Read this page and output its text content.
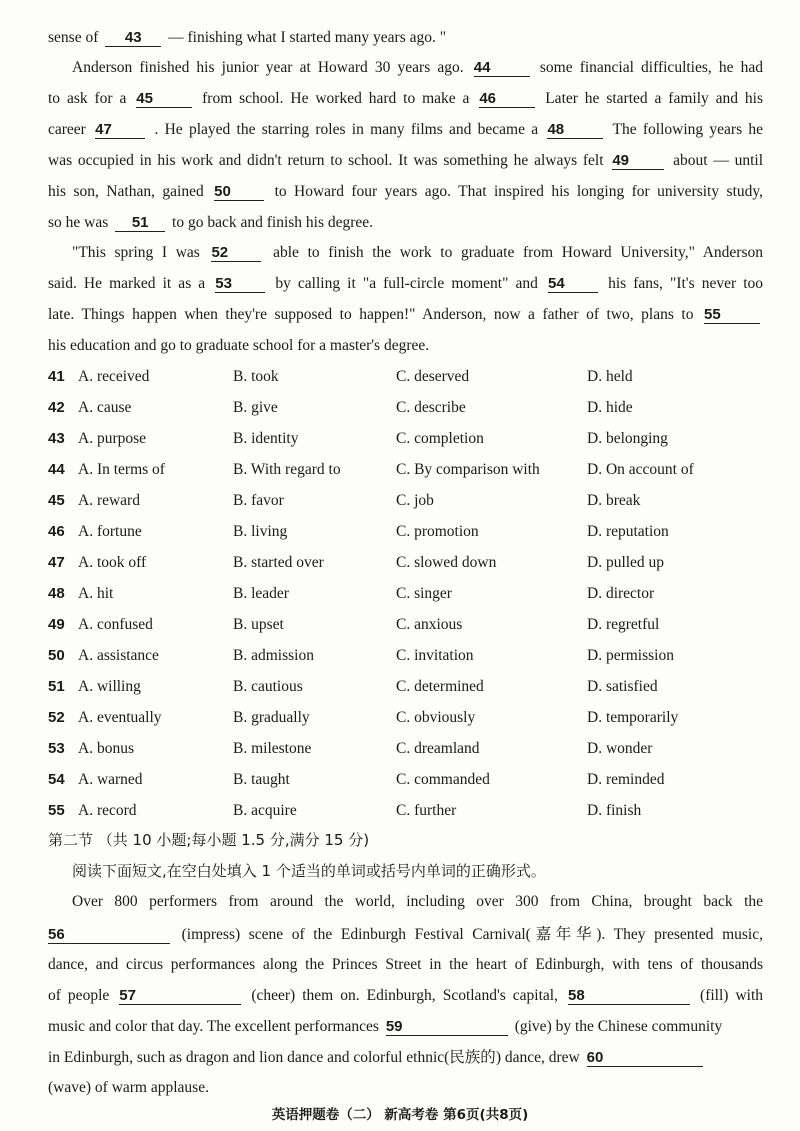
sense of 43 — finishing what I started many years ago. "
Anderson finished his junior year at Howard 30 years ago. 44	some financial difficulties, he had
to ask for a 45	from school. He worked hard to make a 46	Later he started a family and his
career 47	. He played the starring roles in many films and became a 48	The following years he
was occupied in his work and didn't return to school. It was something he always felt 49	about — until
his son, Nathan, gained 50	to Howard four years ago. That inspired his longing for university study,
so he was 51 to go back and finish his degree.
"This spring I was 52	able to finish the work to graduate from Howard University," Anderson
said. He marked it as a 53	by calling it "a full-circle moment" and 54	his fans, "It's never too
late. Things happen when they're supposed to happen!" Anderson, now a father of two, plans to 55
his education and go to graduate school for a master's degree.
41 A. received	B. took	C. deserved	D. held
42 A. cause	B. give	C. describe	D. hide
43 A. purpose	B. identity	C. completion	D. belonging
44 A. In terms of	B. With regard to	C. By comparison with	D. On account of
45 A. reward	B. favor	C. job	D. break
46 A. fortune	B. living	C. promotion	D. reputation
47 A. took off	B. started over	C. slowed down	D. pulled up
48 A. hit	B. leader	C. singer	D. director
49 A. confused	B. upset	C. anxious	D. regretful
50 A. assistance	B. admission	C. invitation	D. permission
51 A. willing	B. cautious	C. determined	D. satisfied
52 A. eventually	B. gradually	C. obviously	D. temporarily
53 A. bonus	B. milestone	C. dreamland	D. wonder
54 A. warned	B. taught	C. commanded	D. reminded
55 A. record	B. acquire	C. further	D. finish
第二节 （共 10 小题;每小题 1.5 分,满分 15 分)
阅读下面短文,在空白处填入 1 个适当的单词或括号内单词的正确形式。
Over 800 performers from around the world, including over 300 from China, brought back the
56	(impress) scene of the Edinburgh Festival Carnival(嘉年华). They presented music,
dance, and circus performances along the Princes Street in the heart of Edinburgh, with tens of thousands
of people 57	(cheer) them on. Edinburgh, Scotland's capital, 58	(fill) with
music and color that day. The excellent performances 59	(give) by the Chinese community
in Edinburgh, such as dragon and lion dance and colorful ethnic(民族的) dance, drew 60
(wave) of warm applause.
英语押题卷（二） 新高考卷 第6页(共8页)
